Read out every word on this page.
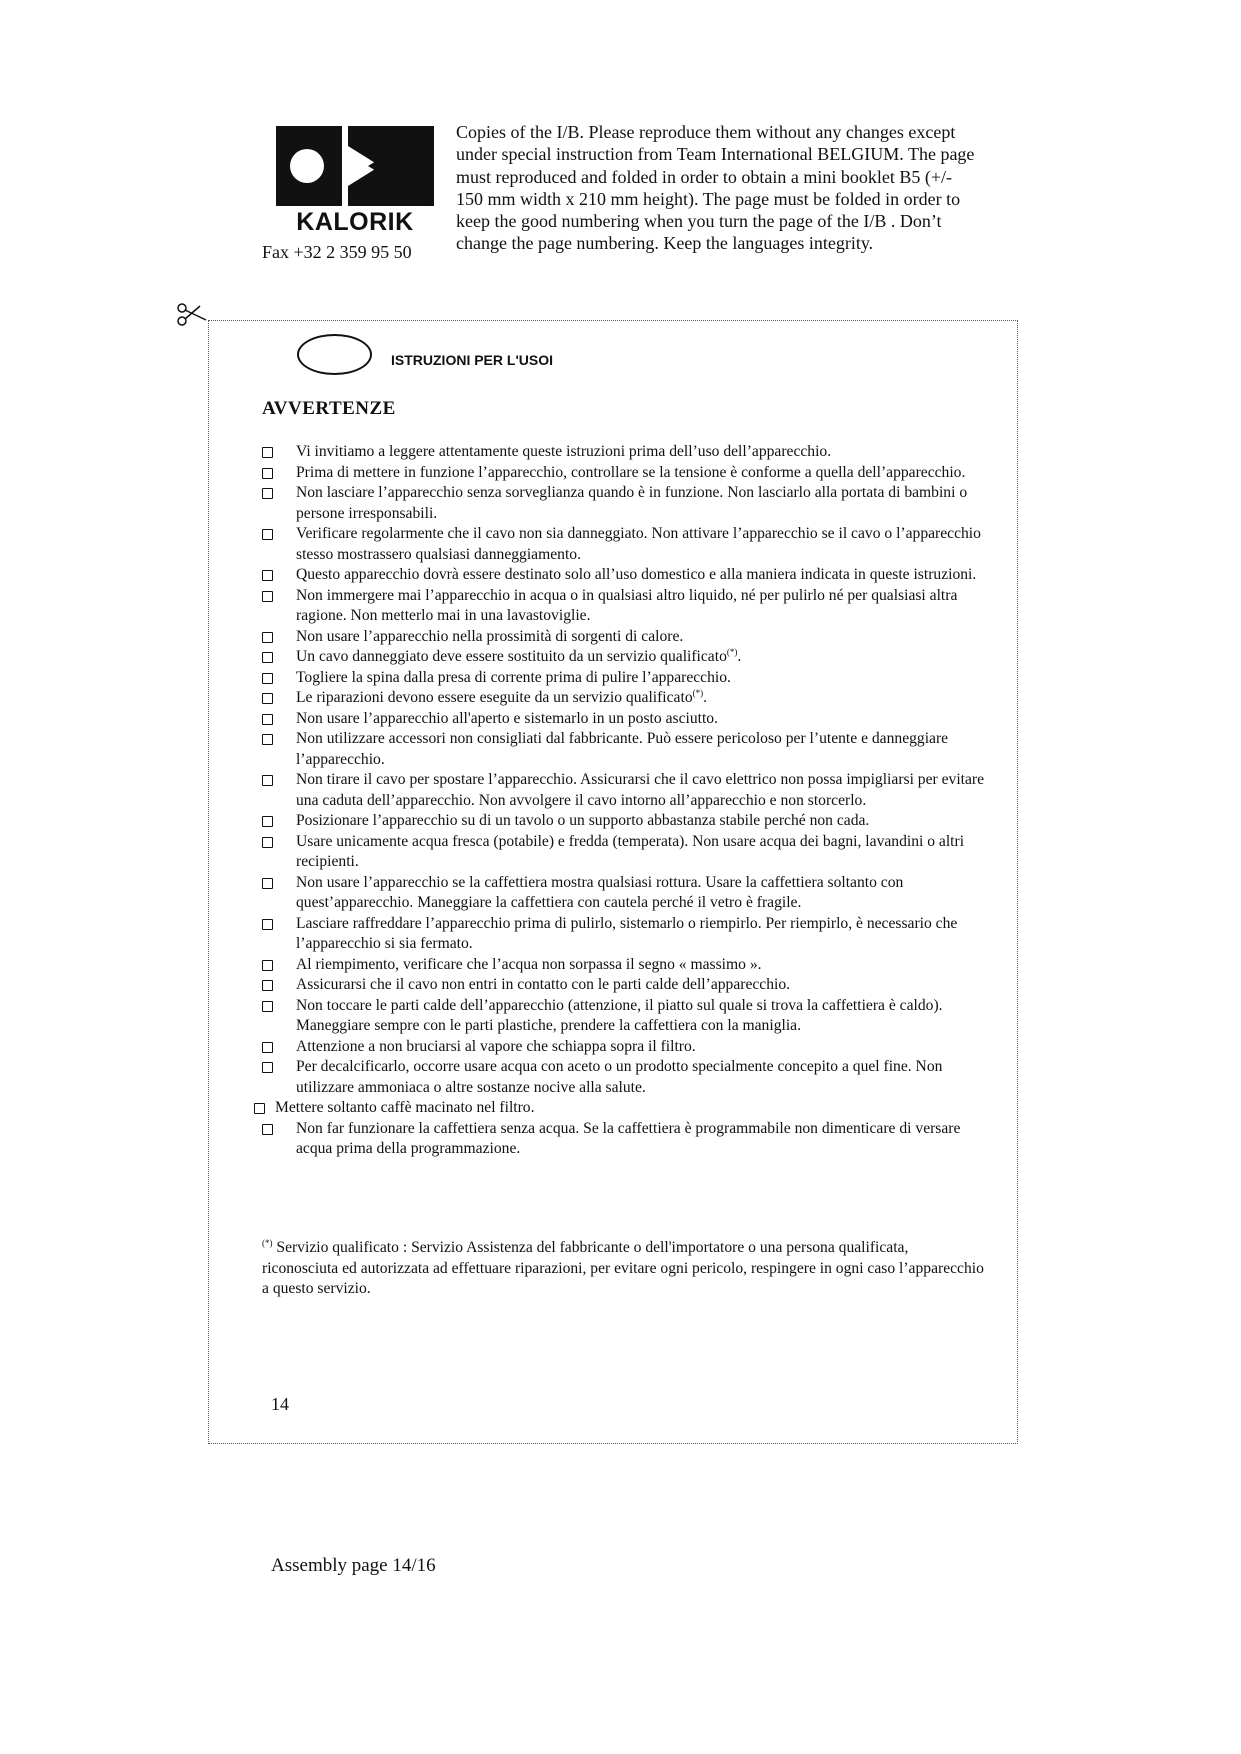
KALORIK
Fax +32 2 359 95 50

Copies of the I/B. Please reproduce them without any changes except under special instruction from Team International BELGIUM. The page must reproduced and folded in order to obtain a mini booklet B5 (+/- 150 mm width x 210 mm height). The page must be folded in order to keep the good numbering when you turn the page of the I/B . Don’t change the page numbering. Keep the languages integrity.

ISTRUZIONI PER L'USOI
AVVERTENZE
Vi invitiamo a leggere attentamente queste istruzioni prima dell’uso dell’apparecchio.
Prima di mettere in funzione l’apparecchio, controllare se la tensione è conforme a quella dell’apparecchio.
Non lasciare l’apparecchio senza sorveglianza quando è in funzione. Non lasciarlo alla portata di bambini o persone irresponsabili.
Verificare regolarmente che il cavo non sia danneggiato. Non attivare l’apparecchio se il cavo o l’apparecchio stesso mostrassero qualsiasi danneggiamento.
Questo apparecchio dovrà essere destinato solo all’uso domestico e alla maniera indicata in queste istruzioni.
Non immergere mai l’apparecchio in acqua o in qualsiasi altro liquido, né per pulirlo né per qualsiasi altra ragione. Non metterlo mai in una lavastoviglie.
Non usare l’apparecchio nella prossimità di sorgenti di calore.
Un cavo danneggiato deve essere sostituito da un servizio qualificato(*).
Togliere la spina dalla presa di corrente prima di pulire l’apparecchio.
Le riparazioni devono essere eseguite da un servizio qualificato(*).
Non usare l’apparecchio all'aperto e sistemarlo in un posto asciutto.
Non utilizzare accessori non consigliati dal fabbricante. Può essere pericoloso per l’utente e danneggiare l’apparecchio.
Non tirare il cavo per spostare l’apparecchio. Assicurarsi che il cavo elettrico non possa impigliarsi per evitare una caduta dell’apparecchio. Non avvolgere il cavo intorno all’apparecchio e non storcerlo.
Posizionare l’apparecchio su di un tavolo o un supporto abbastanza stabile perché non cada.
Usare unicamente acqua fresca (potabile) e fredda (temperata). Non usare acqua dei bagni, lavandini o altri recipienti.
Non usare l’apparecchio se la caffettiera mostra qualsiasi rottura. Usare la caffettiera soltanto con quest’apparecchio. Maneggiare la caffettiera con cautela perché il vetro è fragile.
Lasciare raffreddare l’apparecchio prima di pulirlo, sistemarlo o riempirlo. Per riempirlo, è necessario che l’apparecchio si sia fermato.
Al riempimento, verificare che l’acqua non sorpassa il segno « massimo ».
Assicurarsi che il cavo non entri in contatto con le parti calde dell’apparecchio.
Non toccare le parti calde dell’apparecchio (attenzione, il piatto sul quale si trova la caffettiera è caldo). Maneggiare sempre con le parti plastiche, prendere la caffettiera con la maniglia.
Attenzione a non bruciarsi al vapore che schiappa sopra il filtro.
Per decalcificarlo, occorre usare acqua con aceto o un prodotto specialmente concepito a quel fine. Non utilizzare ammoniaca o altre sostanze nocive alla salute.
Mettere soltanto caffè macinato nel filtro.
Non far funzionare la caffettiera senza acqua. Se la caffettiera è programmabile non dimenticare di versare acqua prima della programmazione.

(*) Servizio qualificato : Servizio Assistenza del fabbricante o dell'importatore o una persona qualificata, riconosciuta ed autorizzata ad effettuare riparazioni, per evitare ogni pericolo, respingere in ogni caso l’apparecchio a questo servizio.

14
Assembly page 14/16
